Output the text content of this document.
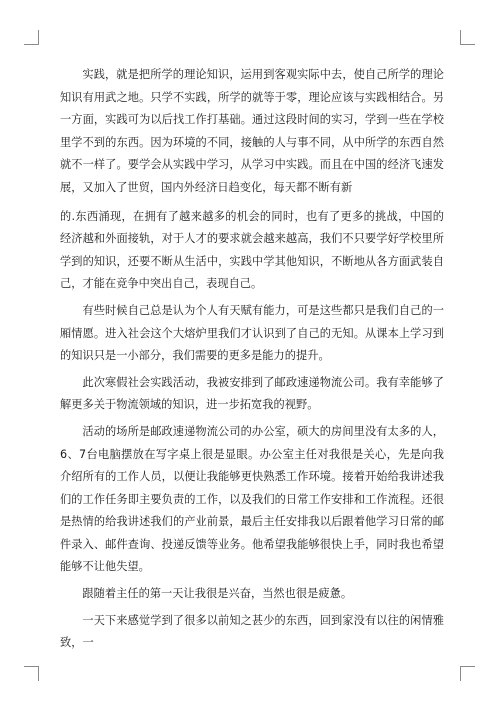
实践，就是把所学的理论知识，运用到客观实际中去，使自己所学的理论知识有用武之地。只学不实践，所学的就等于零，理论应该与实践相结合。另一方面，实践可为以后找工作打基础。通过这段时间的实习，学到一些在学校里学不到的东西。因为环境的不同，接触的人与事不同，从中所学的东西自然就不一样了。要学会从实践中学习，从学习中实践。而且在中国的经济飞速发展，又加入了世贸，国内外经济日趋变化，每天都不断有新

的.东西涌现，在拥有了越来越多的机会的同时，也有了更多的挑战，中国的经济越和外面接轨，对于人才的要求就会越来越高，我们不只要学好学校里所学到的知识，还要不断从生活中，实践中学其他知识，不断地从各方面武装自己，才能在竞争中突出自己，表现自己。

有些时候自己总是认为个人有天赋有能力，可是这些都只是我们自己的一厢情愿。进入社会这个大熔炉里我们才认识到了自己的无知。从课本上学习到的知识只是一小部分，我们需要的更多是能力的提升。

此次寒假社会实践活动，我被安排到了邮政速递物流公司。我有幸能够了解更多关于物流领域的知识，进一步拓宽我的视野。

活动的场所是邮政速递物流公司的办公室，硕大的房间里没有太多的人，6、7台电脑摆放在写字桌上很是显眼。办公室主任对我很是关心，先是向我介绍所有的工作人员，以便让我能够更快熟悉工作环境。接着开始给我讲述我们的工作任务即主要负责的工作，以及我们的日常工作安排和工作流程。还很是热情的给我讲述我们的产业前景，最后主任安排我以后跟着他学习日常的邮件录入、邮件查询、投递反馈等业务。他希望我能够很快上手，同时我也希望能够不让他失望。

跟随着主任的第一天让我很是兴奋，当然也很是疲惫。

一天下来感觉学到了很多以前知之甚少的东西，回到家没有以往的闲情雅致，一
